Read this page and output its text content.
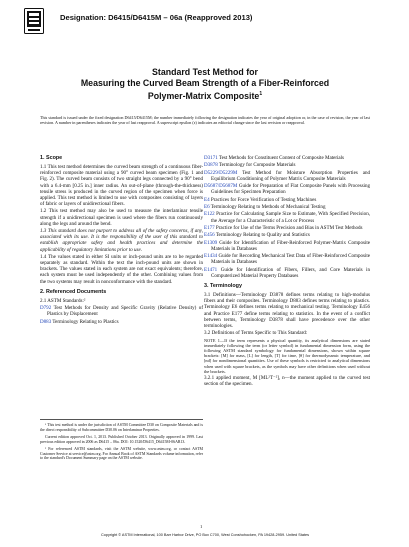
Designation: D6415/D6415M – 06a (Reapproved 2013)
Standard Test Method for
Measuring the Curved Beam Strength of a Fiber-Reinforced
Polymer-Matrix Composite$^1$
This standard is issued under the fixed designation D6415/D6415M; the number immediately following the designation indicates the year of original adoption or, in the case of revision, the year of last revision. A number in parentheses indicates the year of last reapproval. A superscript epsilon (ε) indicates an editorial change since the last revision or reapproval.
1. Scope

1.1 This test method determines the curved beam strength of a continuous fiber-reinforced composite material using a 90° curved beam specimen (Fig. 1 and Fig. 2). The curved beam consists of two straight legs connected by a 90° bend with a 6.4-mm [0.25 in.] inner radius. An out-of-plane (through-the-thickness) tensile stress is produced in the curved region of the specimen when force is applied. This test method is limited to use with composites consisting of layers of fabric or layers of unidirectional fibers.

1.2 This test method may also be used to measure the interlaminar tensile strength if a unidirectional specimen is used where the fibers run continuously along the legs and around the bend.

1.3 This standard does not purport to address all of the safety concerns, if any, associated with its use. It is the responsibility of the user of this standard to establish appropriate safety and health practices and determine the applicability of regulatory limitations prior to use.

1.4 The values stated in either SI units or inch-pound units are to be regarded separately as standard. Within the text the inch-pound units are shown in brackets. The values stated in each system are not exact equivalents; therefore, each system must be used independently of the other. Combining values from the two systems may result in nonconformance with the standard.

2. Referenced Documents

2.1 ASTM Standards:²

D792 Test Methods for Density and Specific Gravity (Relative Density) of Plastics by Displacement

D883 Terminology Relating to Plastics

¹ This test method is under the jurisdiction of ASTM Committee D30 on Composite Materials and is the direct responsibility of Subcommittee D30.06 on Interlaminar Properties.

Current edition approved Oct. 1, 2013. Published October 2013. Originally approved in 1999. Last previous edition approved in 2006 as D6415 – 06a. DOI: 10.1520/D6415_D6415M-06AR13.

² For referenced ASTM standards, visit the ASTM website, www.astm.org, or contact ASTM Customer Service at service@astm.org. For Annual Book of ASTM Standards volume information, refer to the standard's Document Summary page on the ASTM website.

D3171 Test Methods for Constituent Content of Composite Materials

D3878 Terminology for Composite Materials

D5229/D5229M Test Method for Moisture Absorption Properties and Equilibrium Conditioning of Polymer Matrix Composite Materials

D5687/D5687M Guide for Preparation of Flat Composite Panels with Processing Guidelines for Specimen Preparation

E4 Practices for Force Verification of Testing Machines

E6 Terminology Relating to Methods of Mechanical Testing

E122 Practice for Calculating Sample Size to Estimate, With Specified Precision, the Average for a Characteristic of a Lot or Process

E177 Practice for Use of the Terms Precision and Bias in ASTM Test Methods

E456 Terminology Relating to Quality and Statistics

E1309 Guide for Identification of Fiber-Reinforced Polymer-Matrix Composite Materials in Databases

E1434 Guide for Recording Mechanical Test Data of Fiber-Reinforced Composite Materials in Databases

E1471 Guide for Identification of Fibers, Fillers, and Core Materials in Computerized Material Property Databases

3. Terminology

3.1 Definitions—Terminology D3878 defines terms relating to high-modulus fibers and their composites. Terminology D883 defines terms relating to plastics. Terminology E6 defines terms relating to mechanical testing. Terminology E456 and Practice E177 define terms relating to statistics. In the event of a conflict between terms, Terminology D3878 shall have precedence over the other terminologies.

3.2 Definitions of Terms Specific to This Standard:

NOTE 1—If the term represents a physical quantity, its analytical dimensions are stated immediately following the term (or letter symbol) in fundamental dimension form, using the following ASTM standard symbology for fundamental dimensions, shown within square brackets: [M] for mass, [L] for length, [T] for time, [θ] for thermodynamic temperature, and [nd] for nondimensional quantities. Use of these symbols is restricted to analytical dimensions when used with square brackets, as the symbols may have other definitions when used without the brackets.

3.2.1 applied moment, M [ML²T⁻²], n—the moment applied to the curved test section of the specimen.

1
Copyright © ASTM International, 100 Barr Harbor Drive, PO Box C700, West Conshohocken, PA 19428-2959. United States
